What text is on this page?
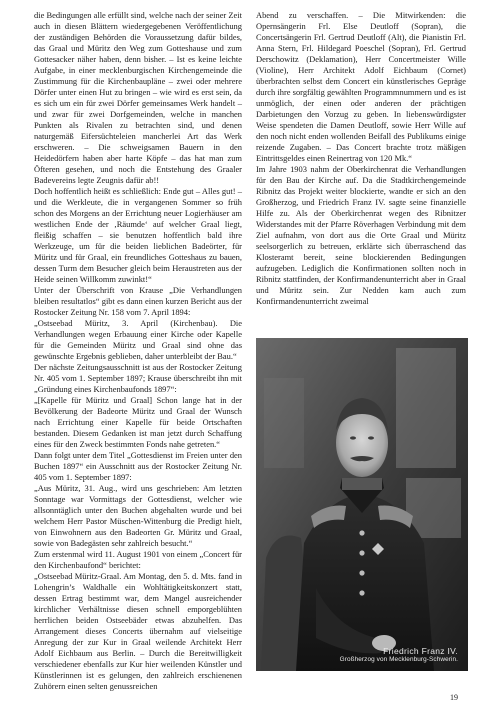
die Bedingungen alle erfüllt sind, welche nach der seiner Zeit auch in diesen Blättern wiedergegebenen Veröffentlichung der zuständigen Behörden die Voraussetzung dafür bildes, das Graal und Müritz den Weg zum Gotteshause und zum Gottesacker näher haben, denn bisher. – Ist es keine leichte Aufgabe, in einer mecklenburgischen Kirchengemeinde die Zustimmung für die Kirchenbaupläne – zwei oder mehrere Dörfer unter einen Hut zu bringen – wie wird es erst sein, da es sich um ein für zwei Dörfer gemeinsames Werk handelt – und zwar für zwei Dorfgemeinden, welche in manchen Punkten als Rivalen zu betrachten sind, und denen naturgemäß Eifersüchteleien mancherlei Art das Werk erschweren. – Die schweigsamen Bauern in den Heidedörfern haben aber harte Köpfe – das hat man zum Öfteren gesehen, und noch die Entstehung des Graaler Badevereins legte Zeugnis dafür ab!!

Doch hoffentlich heißt es schließlich: Ende gut – Alles gut! – und die Werkleute, die in vergangenen Sommer so früh schon des Morgens an der Errichtung neuer Logierhäuser am westlichen Ende der ‚Räumde‘ auf welcher Graal liegt, fleißig schaffen – sie benutzen hoffentlich bald ihre Werkzeuge, um für die beiden lieblichen Badeörter, für Müritz und für Graal, ein freundliches Gotteshaus zu bauen, dessen Turm dem Besucher gleich beim Heraustreten aus der Heide seinen Willkomm zuwinkt!“

Unter der Überschrift von Krause „Die Verhandlungen bleiben resultatlos“ gibt es dann einen kurzen Bericht aus der Rostocker Zeitung Nr. 158 vom 7. April 1894:

„Ostseebad Müritz, 3. April (Kirchenbau). Die Verhandlungen wegen Erbauung einer Kirche oder Kapelle für die Gemeinden Müritz und Graal sind ohne das gewünschte Ergebnis geblieben, daher unterbleibt der Bau.“

Der nächste Zeitungsausschnitt ist aus der Rostocker Zeitung Nr. 405 vom 1. September 1897; Krause überschreibt ihn mit „Gründung eines Kirchenbaufonds 1897“:

„[Kapelle für Müritz und Graal] Schon lange hat in der Bevölkerung der Badeorte Müritz und Graal der Wunsch nach Errichtung einer Kapelle für beide Ortschaften bestanden. Diesem Gedanken ist man jetzt durch Schaffung eines für den Zweck bestimmten Fonds nahe getreten.“

Dann folgt unter dem Titel „Gottesdienst im Freien unter den Buchen 1897“ ein Ausschnitt aus der Rostocker Zeitung Nr. 405 vom 1. September 1897:

„Aus Müritz, 31. Aug., wird uns geschrieben: Am letzten Sonntage war Vormittags der Gottesdienst, welcher wie allsonntäglich unter den Buchen abgehalten wurde und bei welchem Herr Pastor Müschen-Wittenburg die Predigt hielt, von Einwohnern aus den Badeorten Gr. Müritz und Graal, sowie von Badegästen sehr zahlreich besucht.“

Zum erstenmal wird 11. August 1901 von einem „Concert für den Kirchenbaufond“ berichtet:

„Ostseebad Müritz-Graal. Am Montag, den 5. d. Mts. fand in Lohengrin’s Waldhalle ein Wohltätigkeitskonzert statt, dessen Ertrag bestimmt war, dem Mangel ausreichender kirchlicher Verhältnisse diesen schnell emporgeblühten herrlichen beiden Ostseebäder etwas abzuhelfen. Das Arrangement dieses Concerts übernahm auf vielseitige Anregung der zur Kur in Graal weilende Architekt Herr Adolf Eichbaum aus Berlin. – Durch die Bereitwilligkeit verschiedener ebenfalls zur Kur hier weilenden Künstler und Künstlerinnen ist es gelungen, den zahlreich erschienenen Zuhörern einen selten genussreichen

Abend zu verschaffen. – Die Mitwirkenden: die Opernsängerin Frl. Else Deutloff (Sopran), die Concertsängerin Frl. Gertrud Deutloff (Alt), die Pianistin Frl. Anna Stern, Frl. Hildegard Poeschel (Sopran), Frl. Gertrud Derschowitz (Deklamation), Herr Concertmeister Wille (Violine), Herr Architekt Adolf Eichbaum (Cornet) überbrachten selbst dem Concert ein künstlerisches Gepräge durch ihre sorgfältig gewählten Programmnummern und es ist unmöglich, der einen oder anderen der prächtigen Darbietungen den Vorzug zu geben. In liebenswürdigster Weise spendeten die Damen Deutloff, sowie Herr Wille auf den noch nicht enden wollenden Beifall des Publikums einige reizende Zugaben. – Das Concert brachte trotz mäßigen Eintrittsgeldes einen Reinertrag von 120 Mk.“

Im Jahre 1903 nahm der Oberkirchenrat die Verhandlungen für den Bau der Kirche auf. Da die Stadtkirchengemeinde Ribnitz das Projekt weiter blockierte, wandte er sich an den Großherzog, und Friedrich Franz IV. sagte seine finanzielle Hilfe zu. Als der Oberkirchenrat wegen des Ribnitzer Widerstandes mit der Pfarre Röverhagen Verbindung mit dem Ziel aufnahm, von dort aus die Orte Graal und Müritz seelsorgerlich zu betreuen, erklärte sich überraschend das Klosteramt bereit, seine blockierenden Bedingungen aufzugeben. Lediglich die Konfirmationen sollten noch in Ribnitz stattfinden, der Konfirmandenunterricht aber in Graal und Müritz sein. Zur Nedden kam auch zum Konfirmandenunterricht zweimal

Friedrich Franz IV.
Großherzog von Mecklenburg-Schwerin.
19
